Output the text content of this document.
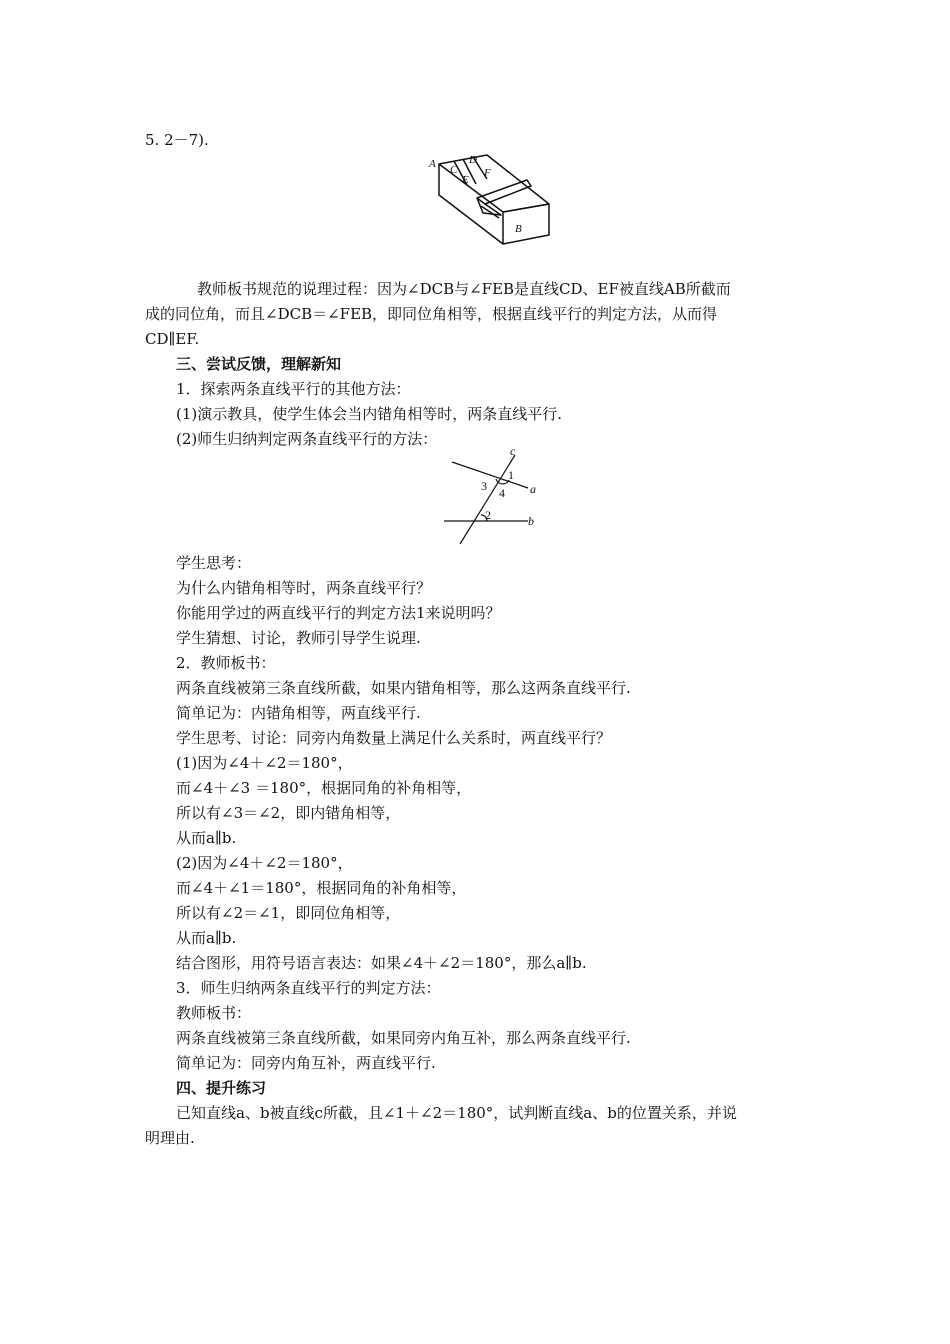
5. 2－7).
A C
D
E
F
B
教师板书规范的说理过程：因为∠DCB与∠FEB是直线CD、EF被直线AB所截而
成的同位角，而且∠DCB＝∠FEB，即同位角相等，根据直线平行的判定方法，从而得
CD∥EF.
三、尝试反馈，理解新知
1．探索两条直线平行的其他方法：
(1)演示教具，使学生体会当内错角相等时，两条直线平行.
(2)师生归纳判定两条直线平行的方法：
c
1
3 4 a
2	b
学生思考：
为什么内错角相等时，两条直线平行？
你能用学过的两直线平行的判定方法1来说明吗？
学生猜想、讨论，教师引导学生说理.
2．教师板书：
两条直线被第三条直线所截，如果内错角相等，那么这两条直线平行.
简单记为：内错角相等，两直线平行.
学生思考、讨论：同旁内角数量上满足什么关系时，两直线平行？
(1)因为∠4＋∠2＝180°，
而∠4＋∠3 ＝180°，根据同角的补角相等，
所以有∠3＝∠2，即内错角相等，
从而a∥b.
(2)因为∠4＋∠2＝180°，
而∠4＋∠1＝180°，根据同角的补角相等，
所以有∠2＝∠1，即同位角相等，
从而a∥b.
结合图形，用符号语言表达：如果∠4＋∠2＝180°，那么a∥b.
3．师生归纳两条直线平行的判定方法：
教师板书：
两条直线被第三条直线所截，如果同旁内角互补，那么两条直线平行.
简单记为：同旁内角互补，两直线平行.
四、提升练习
已知直线a、b被直线c所截，且∠1＋∠2＝180°，试判断直线a、b的位置关系，并说
明理由.
